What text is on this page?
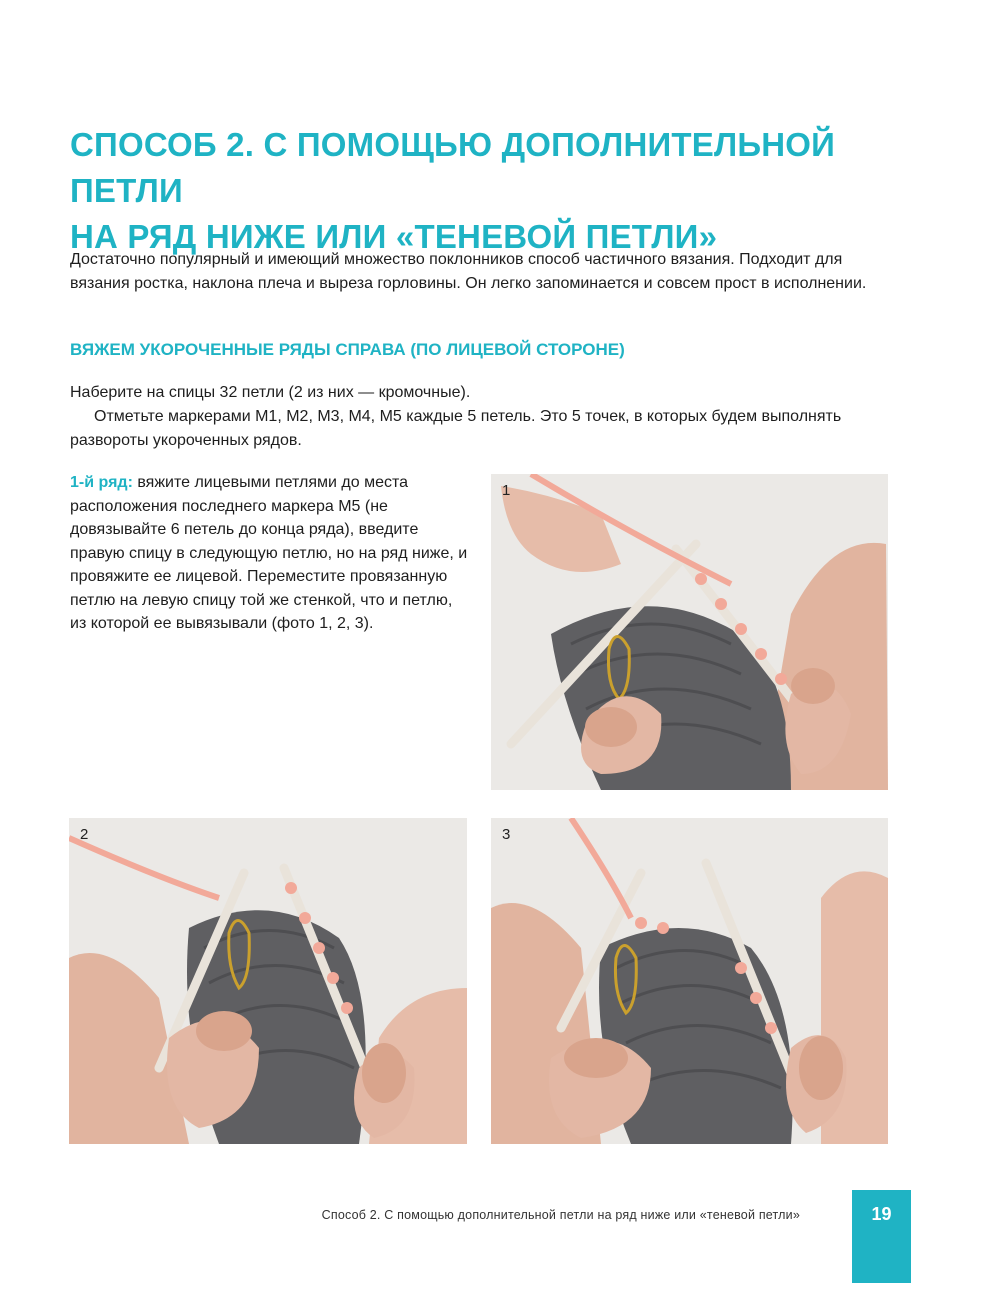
СПОСОБ 2. С ПОМОЩЬЮ ДОПОЛНИТЕЛЬНОЙ ПЕТЛИ
НА РЯД НИЖЕ ИЛИ «ТЕНЕВОЙ ПЕТЛИ»

Достаточно популярный и имеющий множество поклонников способ частичного вязания. Подходит для вязания ростка, наклона плеча и выреза горловины. Он легко запоминается и совсем прост в исполнении.

ВЯЖЕМ УКОРОЧЕННЫЕ РЯДЫ СПРАВА (ПО ЛИЦЕВОЙ СТОРОНЕ)

Наберите на спицы 32 петли (2 из них — кромочные).

Отметьте маркерами М1, М2, М3, М4, М5 каждые 5 петель. Это 5 точек, в которых будем выполнять развороты укороченных рядов.

1-й ряд: вяжите лицевыми петлями до места расположения последнего маркера М5 (не довязывайте 6 петель до конца ряда), введите правую спицу в следующую петлю, но на ряд ниже, и провяжите ее лицевой. Переместите провязанную петлю на левую спицу той же стенкой, что и петлю, из которой ее вывязывали (фото 1, 2, 3).

1
2	3
Способ 2. С помощью дополнительной петли на ряд ниже или «теневой петли»	19
